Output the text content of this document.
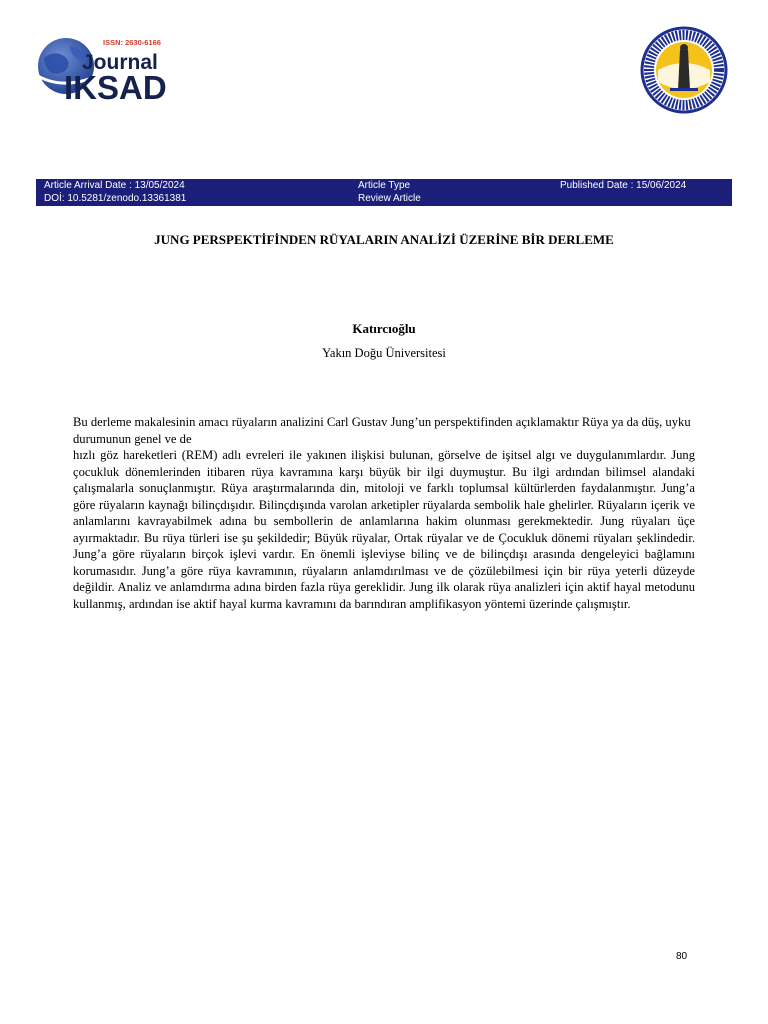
ISSN: 2630-6166
Journal
IKSAD
Article Arrival Date : 13/05/2024
DOİ: 10.5281/zenodo.13361381
Article Type
Review Article
Published Date : 15/06/2024
JUNG PERSPEKTİFİNDEN RÜYALARIN ANALİZİ ÜZERİNE BİR DERLEME

Katırcıoğlu

Yakın Doğu Üniversitesi

Bu derleme makalesinin amacı rüyaların analizini Carl Gustav Jung’un perspektifinden açıklamaktır Rüya ya da düş, uyku durumunun genel ve de
hızlı göz hareketleri (REM) adlı evreleri ile yakınen ilişkisi bulunan, görselve de işitsel algı ve duygulanımlardır. Jung çocukluk dönemlerinden itibaren rüya kavramına karşı büyük bir ilgi duymuştur. Bu ilgi ardından bilimsel alandaki çalışmalarla sonuçlanmıştır. Rüya araştırmalarında din, mitoloji ve farklı toplumsal kültürlerden faydalanmıştır. Jung’a göre rüyaların kaynağı bilinçdışıdır. Bilinçdışında varolan arketipler rüyalarda sembolik hale ghelirler. Rüyaların içerik ve anlamlarını kavrayabilmek adına bu sembollerin de anlamlarına hakim olunması gerekmektedir. Jung rüyaları üçe ayırmaktadır. Bu rüya türleri ise şu şekildedir; Büyük rüyalar, Ortak rüyalar ve de Çocukluk dönemi rüyaları şeklindedir. Jung’a göre rüyaların birçok işlevi vardır. En önemli işleviyse bilinç ve de bilinçdışı arasında dengeleyici bağlamını korumasıdır. Jung’a göre rüya kavramının, rüyaların anlamdırılması ve de çözülebilmesi için bir rüya yeterli düzeyde değildir. Analiz ve anlamdırma adına birden fazla rüya gereklidir. Jung ilk olarak rüya analizleri için aktif hayal metodunu kullanmış, ardından ise aktif hayal kurma kavramını da barındıran amplifikasyon yöntemi üzerinde çalışmıştır.
80
